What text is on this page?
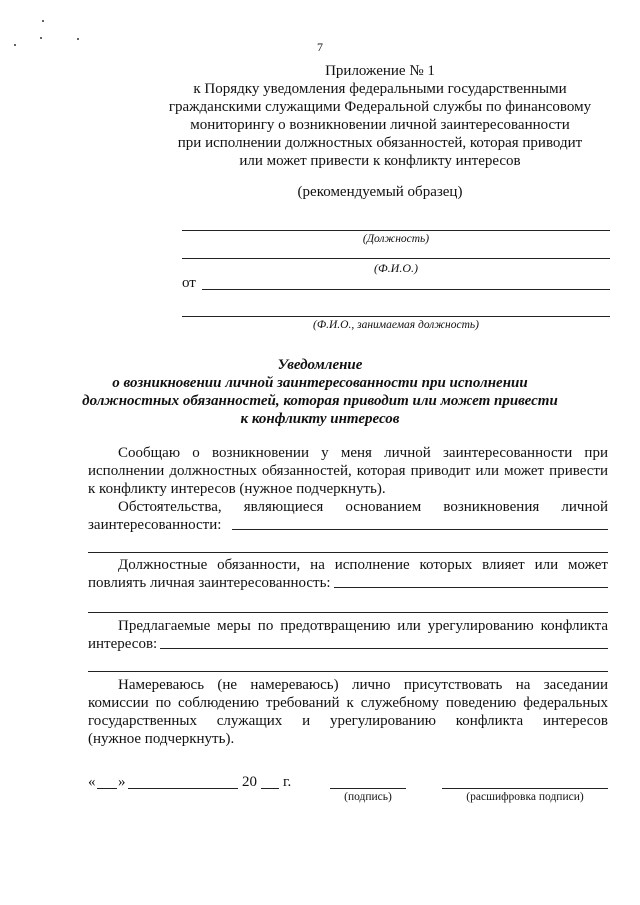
7
Приложение № 1
к Порядку уведомления федеральными государственными
гражданскими служащими Федеральной службы по финансовому
мониторингу о возникновении личной заинтересованности
при исполнении должностных обязанностей, которая приводит
или может привести к конфликту интересов
(рекомендуемый образец)
(Должность)
(Ф.И.О.)
от
(Ф.И.О., занимаемая должность)
Уведомление
о возникновении личной заинтересованности при исполнении
должностных обязанностей, которая приводит или может привести
к конфликту интересов
Сообщаю о возникновении у меня личной заинтересованности при
исполнении должностных обязанностей, которая приводит или может привести
к конфликту интересов (нужное подчеркнуть).
Обстоятельства, являющиеся основанием возникновения личной
заинтересованности:
Должностные обязанности, на исполнение которых влияет или может
повлиять личная заинтересованность:
Предлагаемые меры по предотвращению или урегулированию конфликта
интересов:
Намереваюсь (не намереваюсь) лично присутствовать на заседании
комиссии по соблюдению требований к служебному поведению федеральных
государственных служащих и урегулированию конфликта интересов
(нужное подчеркнуть).
« »	20 г.
(подпись)	(расшифровка подписи)
